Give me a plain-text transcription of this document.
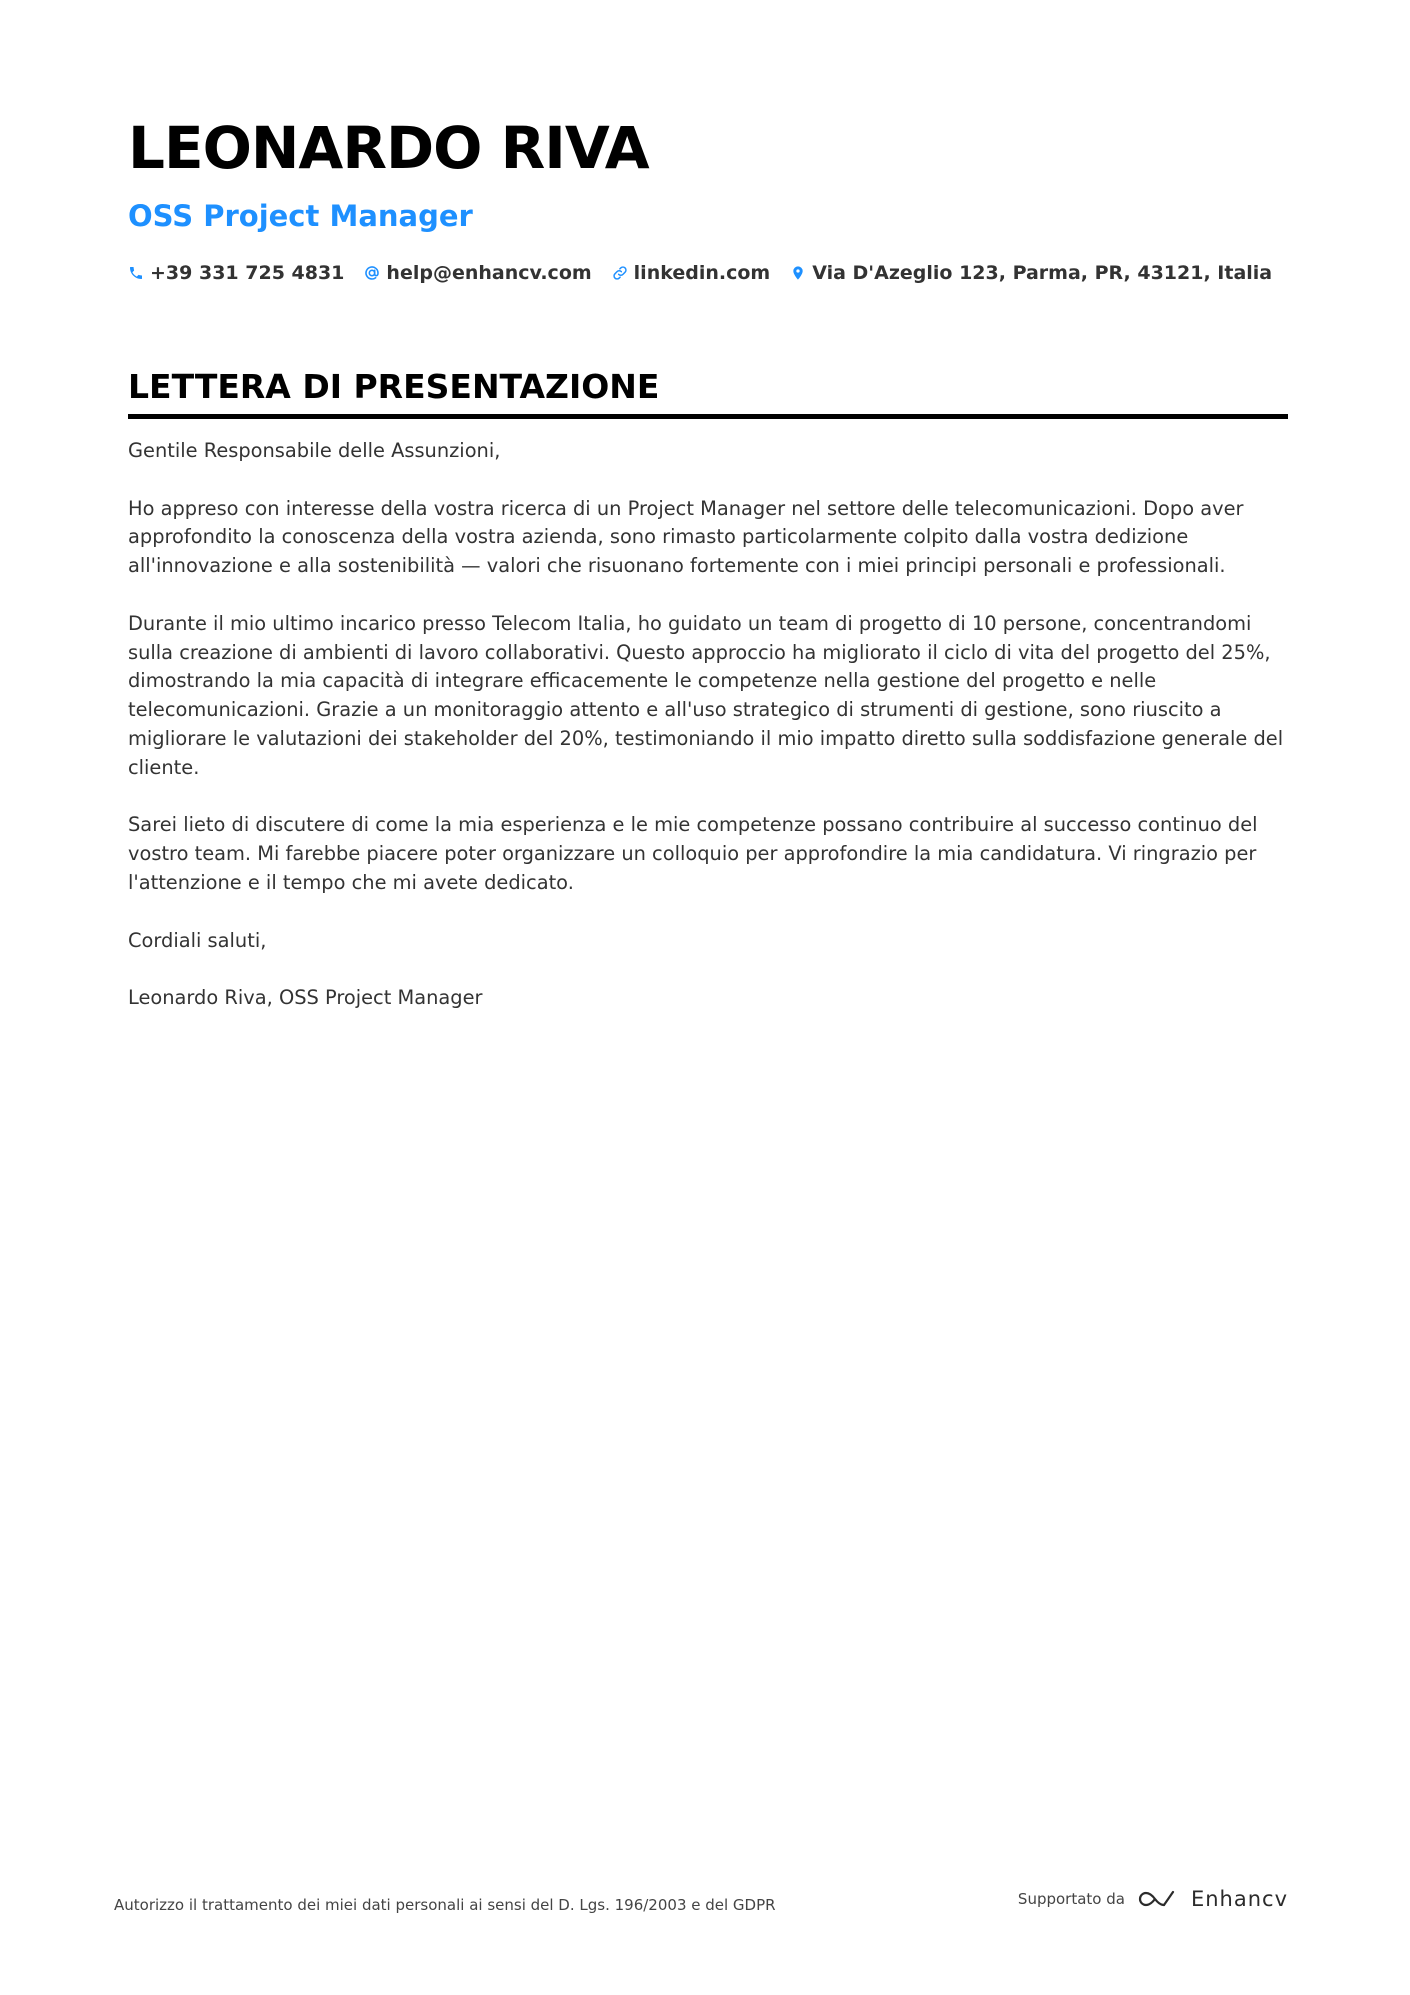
LEONARDO RIVA
OSS Project Manager
+39 331 725 4831 help@enhancv.com linkedin.com Via D'Azeglio 123, Parma, PR, 43121, Italia
LETTERA DI PRESENTAZIONE

Gentile Responsabile delle Assunzioni,

Ho appreso con interesse della vostra ricerca di un Project Manager nel settore delle telecomunicazioni. Dopo aver approfondito la conoscenza della vostra azienda, sono rimasto particolarmente colpito dalla vostra dedizione all'innovazione e alla sostenibilità — valori che risuonano fortemente con i miei principi personali e professionali.

Durante il mio ultimo incarico presso Telecom Italia, ho guidato un team di progetto di 10 persone, concentrandomi sulla creazione di ambienti di lavoro collaborativi. Questo approccio ha migliorato il ciclo di vita del progetto del 25%, dimostrando la mia capacità di integrare efficacemente le competenze nella gestione del progetto e nelle telecomunicazioni. Grazie a un monitoraggio attento e all'uso strategico di strumenti di gestione, sono riuscito a migliorare le valutazioni dei stakeholder del 20%, testimoniando il mio impatto diretto sulla soddisfazione generale del cliente.

Sarei lieto di discutere di come la mia esperienza e le mie competenze possano contribuire al successo continuo del vostro team. Mi farebbe piacere poter organizzare un colloquio per approfondire la mia candidatura. Vi ringrazio per l'attenzione e il tempo che mi avete dedicato.

Cordiali saluti,

Leonardo Riva, OSS Project Manager

Autorizzo il trattamento dei miei dati personali ai sensi del D. Lgs. 196/2003 e del GDPR	Supportato da	Enhancv
